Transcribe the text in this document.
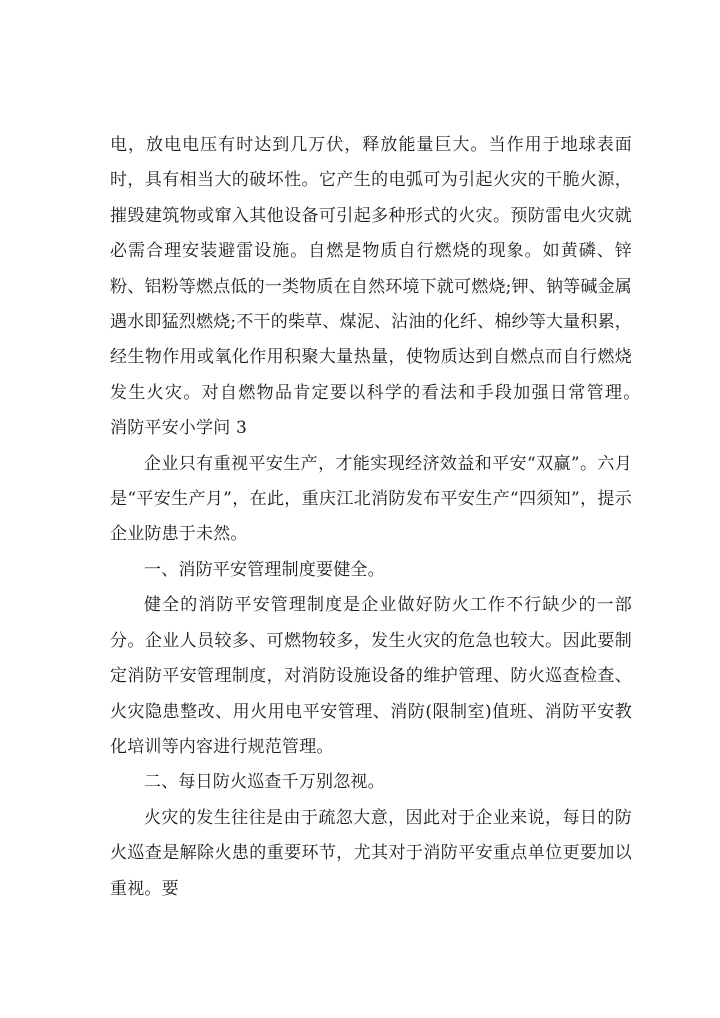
电，放电电压有时达到几万伏，释放能量巨大。当作用于地球表面时，具有相当大的破坏性。它产生的电弧可为引起火灾的干脆火源，摧毁建筑物或窜入其他设备可引起多种形式的火灾。预防雷电火灾就必需合理安装避雷设施。自燃是物质自行燃烧的现象。如黄磷、锌粉、铝粉等燃点低的一类物质在自然环境下就可燃烧;钾、钠等碱金属遇水即猛烈燃烧;不干的柴草、煤泥、沾油的化纤、棉纱等大量积累，经生物作用或氧化作用积聚大量热量，使物质达到自燃点而自行燃烧发生火灾。对自燃物品肯定要以科学的看法和手段加强日常管理。　　消防平安小学问 3

企业只有重视平安生产，才能实现经济效益和平安“双赢”。六月是“平安生产月”，在此，重庆江北消防发布平安生产“四须知”，提示企业防患于未然。

一、消防平安管理制度要健全。

健全的消防平安管理制度是企业做好防火工作不行缺少的一部分。企业人员较多、可燃物较多，发生火灾的危急也较大。因此要制定消防平安管理制度，对消防设施设备的维护管理、防火巡查检查、火灾隐患整改、用火用电平安管理、消防(限制室)值班、消防平安教化培训等内容进行规范管理。

二、每日防火巡查千万别忽视。

火灾的发生往往是由于疏忽大意，因此对于企业来说，每日的防火巡查是解除火患的重要环节，尤其对于消防平安重点单位更要加以重视。要
